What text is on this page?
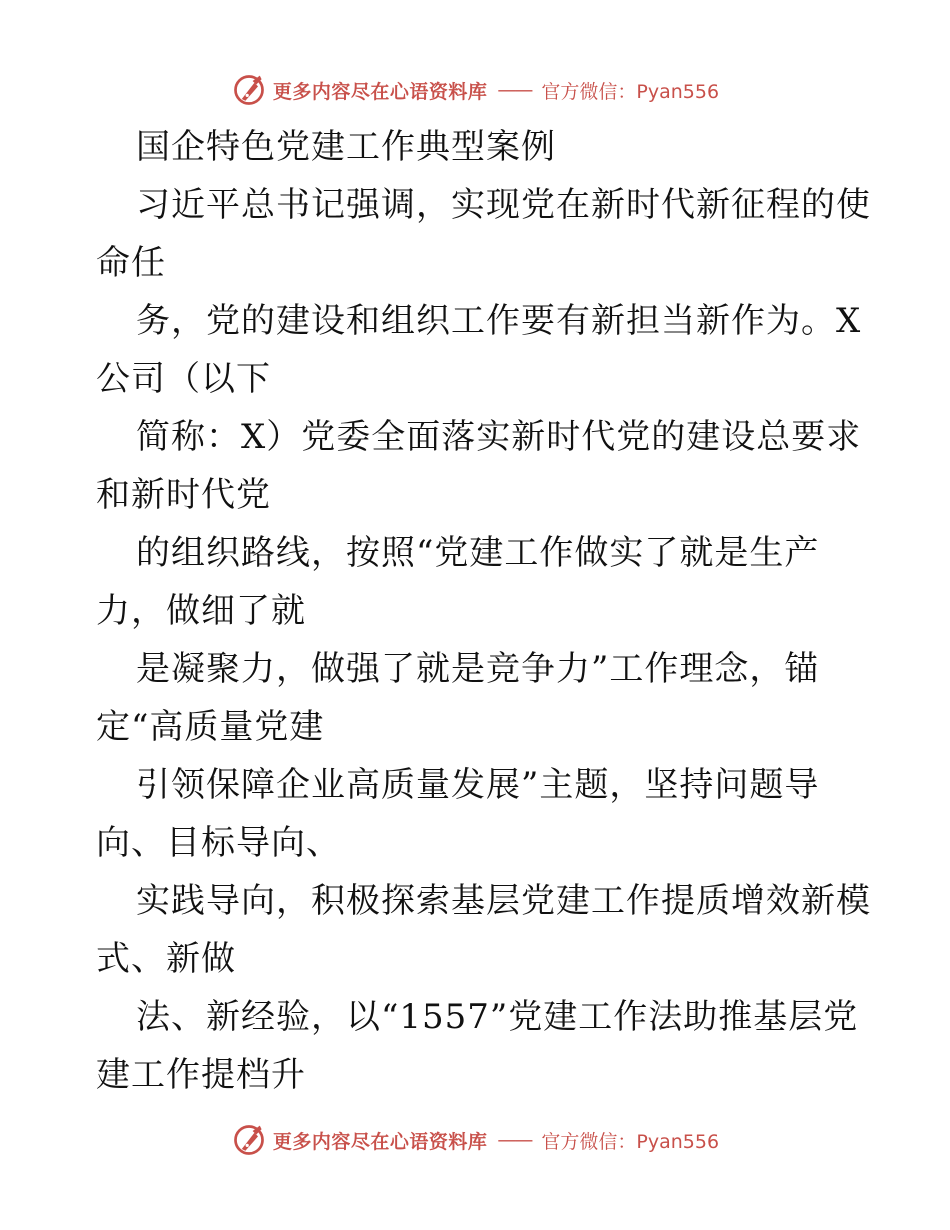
更多内容尽在心语资料库 —— 官方微信：Pyan556
国企特色党建工作典型案例
习近平总书记强调，实现党在新时代新征程的使
命任
务，党的建设和组织工作要有新担当新作为。X
公司（以下
简称：X）党委全面落实新时代党的建设总要求
和新时代党
的组织路线，按照“党建工作做实了就是生产
力，做细了就
是凝聚力，做强了就是竞争力”工作理念，锚
定“高质量党建
引领保障企业高质量发展”主题，坚持问题导
向、目标导向、
实践导向，积极探索基层党建工作提质增效新模
式、新做
法、新经验，以“1557”党建工作法助推基层党
建工作提档升
更多内容尽在心语资料库 —— 官方微信：Pyan556
